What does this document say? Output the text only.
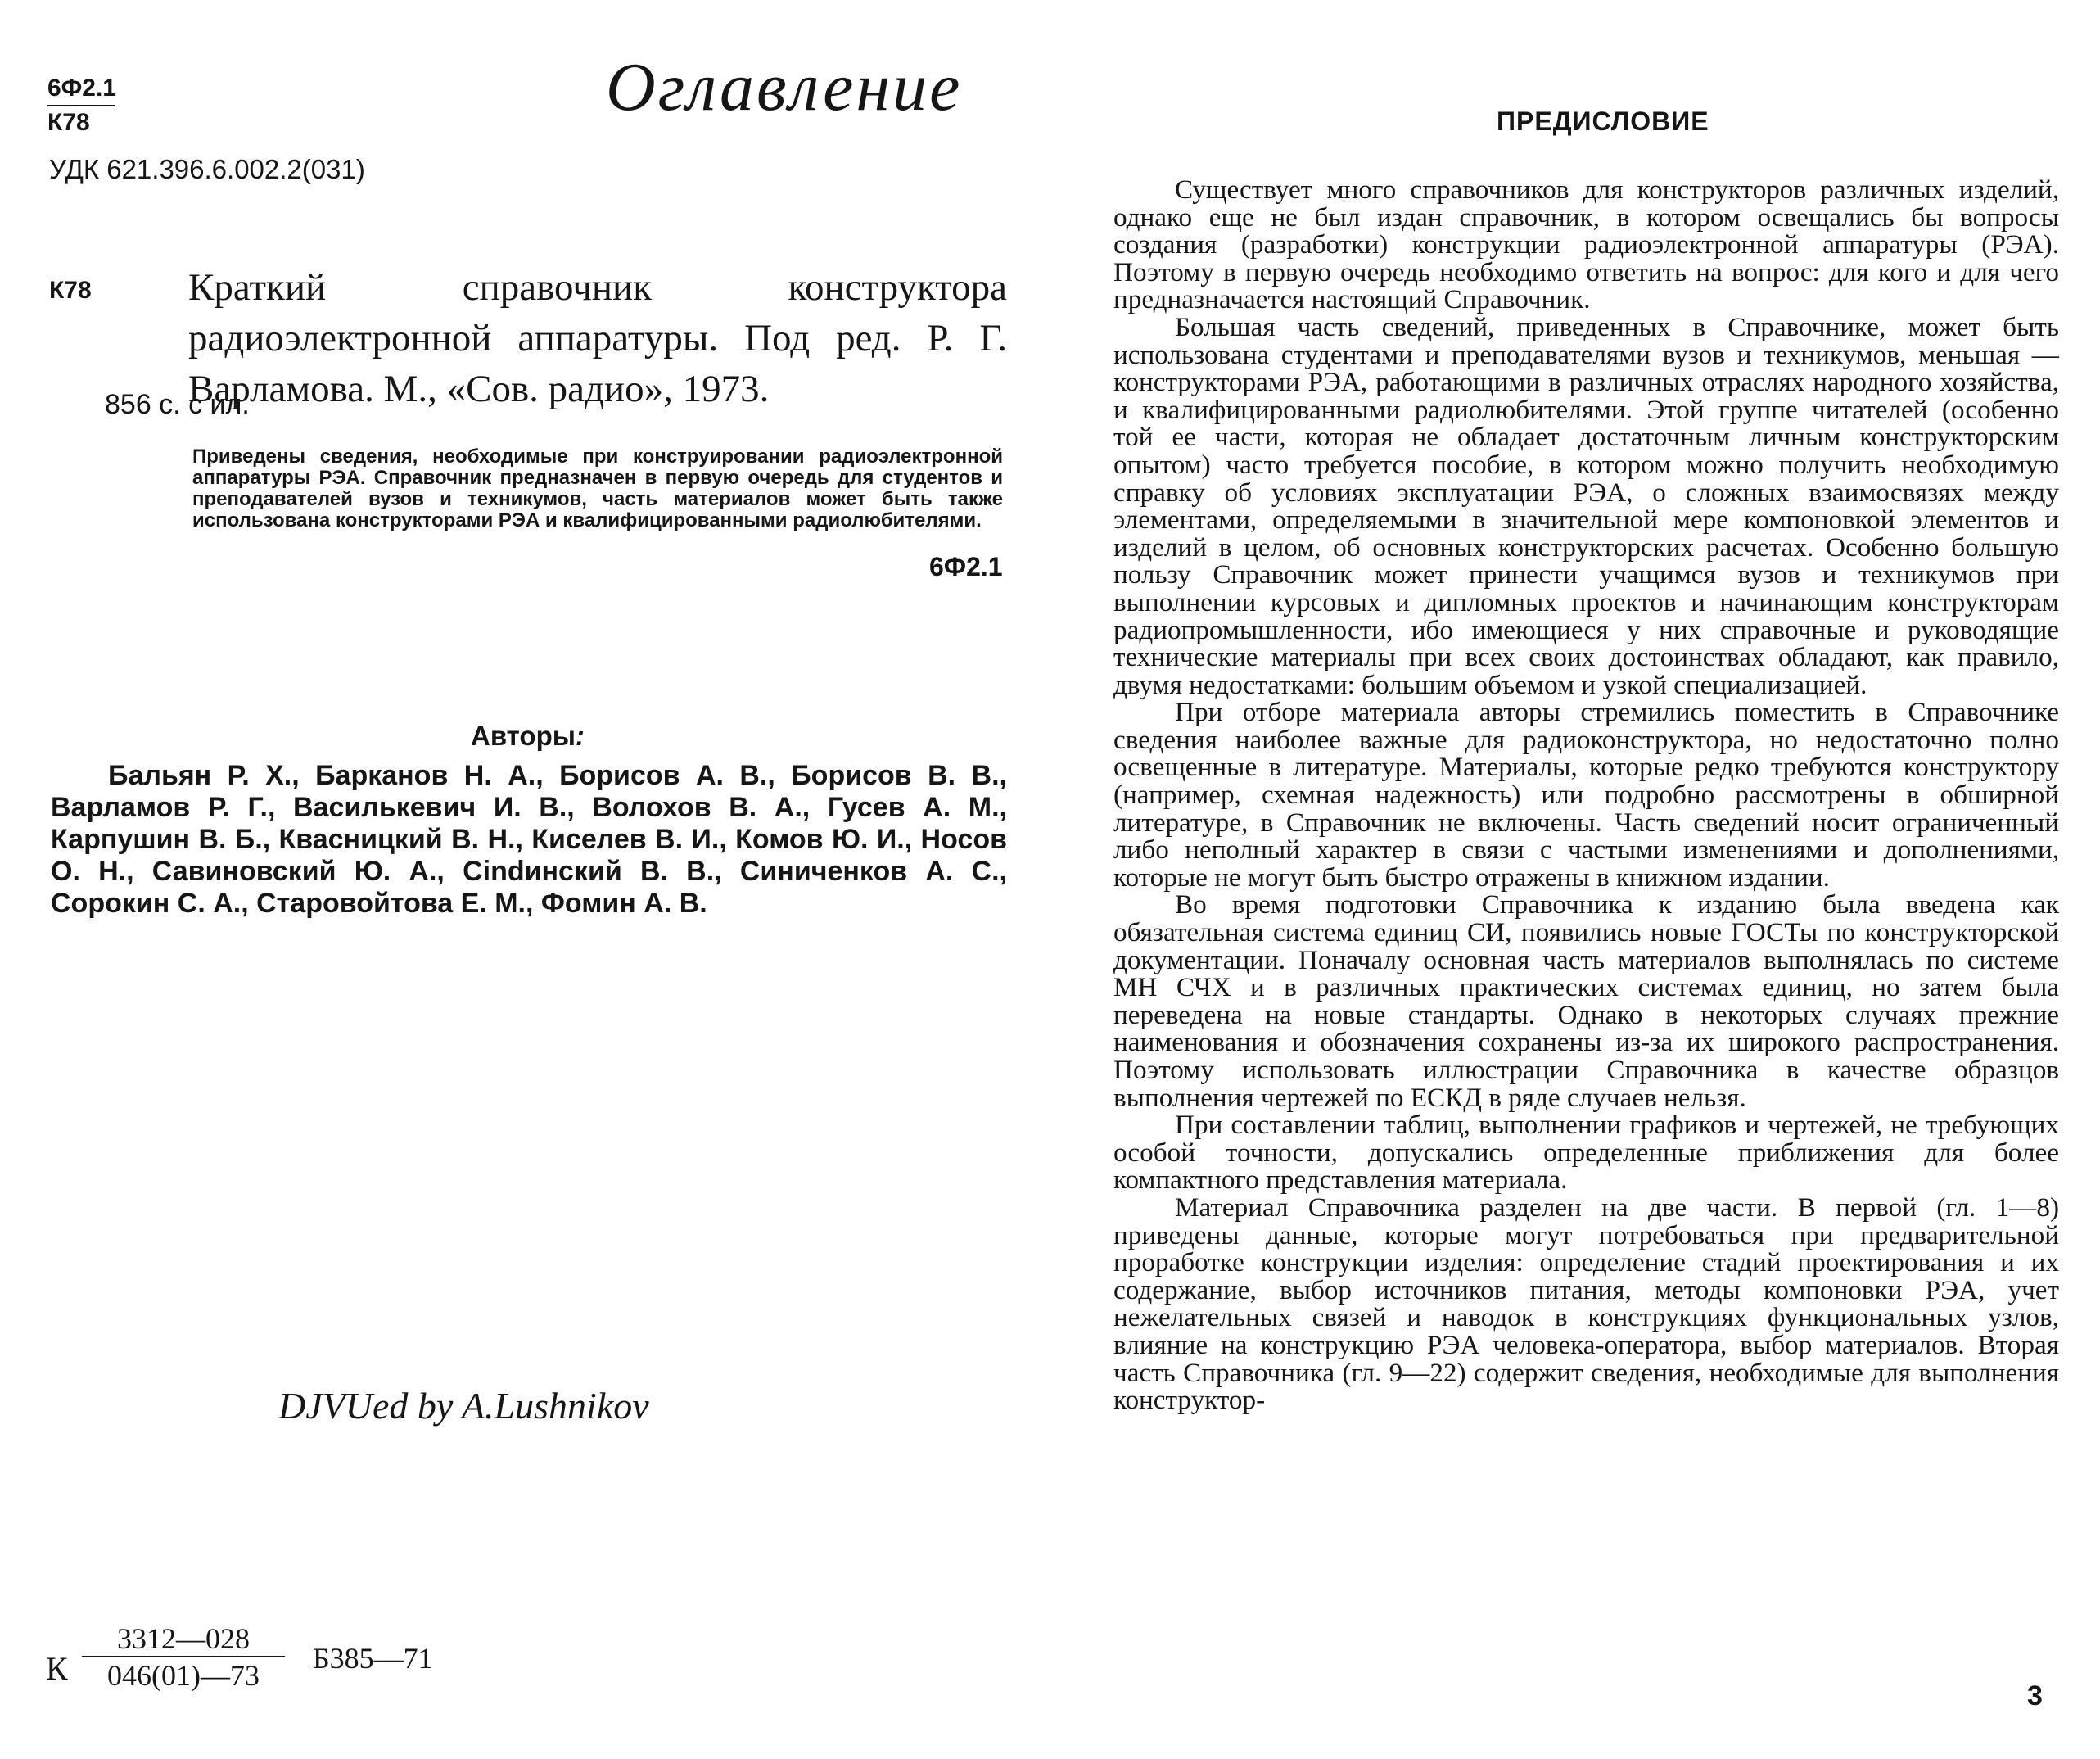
6Ф2.1
К78	Оглавление
УДК 621.396.6.002.2(031)
К78	Краткий справочник конструктора радиоэлектронной аппаратуры. Под ред. Р. Г. Варламова. М., «Сов. радио», 1973.
856 с. с ил.
Приведены сведения, необходимые при конструировании радиоэлектронной аппаратуры РЭА. Справочник предназначен в первую очередь для студентов и преподавателей вузов и техникумов, часть материалов может быть также использована конструкторами РЭА и квалифицированными радиолюбителями.
6Ф2.1
Авторы:
Бальян Р. Х., Барканов Н. А., Борисов А. В., Борисов В. В., Варламов Р. Г., Василькевич И. В., Волохов В. А., Гусев А. М., Карпушин В. Б., Квасницкий В. Н., Киселев В. И., Комов Ю. И., Носов О. Н., Савиновский Ю. А., Сindинский В. В., Синиченков А. С., Сорокин С. А., Старовойтова Е. М., Фомин А. В.
DJVUed by A.Lushnikov
К $\frac{3312—028}{046(01)—73}$ Б385—71
ПРЕДИСЛОВИЕ

Существует много справочников для конструкторов различных изделий, однако еще не был издан справочник, в котором освещались бы вопросы создания (разработки) конструкции радиоэлектронной аппаратуры (РЭА). Поэтому в первую очередь необходимо ответить на вопрос: для кого и для чего предназначается настоящий Справочник.

Большая часть сведений, приведенных в Справочнике, может быть использована студентами и преподавателями вузов и техникумов, меньшая — конструкторами РЭА, работающими в различных отраслях народного хозяйства, и квалифицированными радиолюбителями. Этой группе читателей (особенно той ее части, которая не обладает достаточным личным конструкторским опытом) часто требуется пособие, в котором можно получить необходимую справку об условиях эксплуатации РЭА, о сложных взаимосвязях между элементами, определяемыми в значительной мере компоновкой элементов и изделий в целом, об основных конструкторских расчетах. Особенно большую пользу Справочник может принести учащимся вузов и техникумов при выполнении курсовых и дипломных проектов и начинающим конструкторам радиопромышленности, ибо имеющиеся у них справочные и руководящие технические материалы при всех своих достоинствах обладают, как правило, двумя недостатками: большим объемом и узкой специализацией.

При отборе материала авторы стремились поместить в Справочнике сведения наиболее важные для радиоконструктора, но недостаточно полно освещенные в литературе. Материалы, которые редко требуются конструктору (например, схемная надежность) или подробно рассмотрены в обширной литературе, в Справочник не включены. Часть сведений носит ограниченный либо неполный характер в связи с частыми изменениями и дополнениями, которые не могут быть быстро отражены в книжном издании.

Во время подготовки Справочника к изданию была введена как обязательная система единиц СИ, появились новые ГОСТы по конструкторской документации. Поначалу основная часть материалов выполнялась по системе МН СЧХ и в различных практических системах единиц, но затем была переведена на новые стандарты. Однако в некоторых случаях прежние наименования и обозначения сохранены из-за их широкого распространения. Поэтому использовать иллюстрации Справочника в качестве образцов выполнения чертежей по ЕСКД в ряде случаев нельзя.

При составлении таблиц, выполнении графиков и чертежей, не требующих особой точности, допускались определенные приближения для более компактного представления материала.

Материал Справочника разделен на две части. В первой (гл. 1—8) приведены данные, которые могут потребоваться при предварительной проработке конструкции изделия: определение стадий проектирования и их содержание, выбор источников питания, методы компоновки РЭА, учет нежелательных связей и наводок в конструкциях функциональных узлов, влияние на конструкцию РЭА человека-оператора, выбор материалов. Вторая часть Справочника (гл. 9—22) содержит сведения, необходимые для выполнения конструктор-

3
